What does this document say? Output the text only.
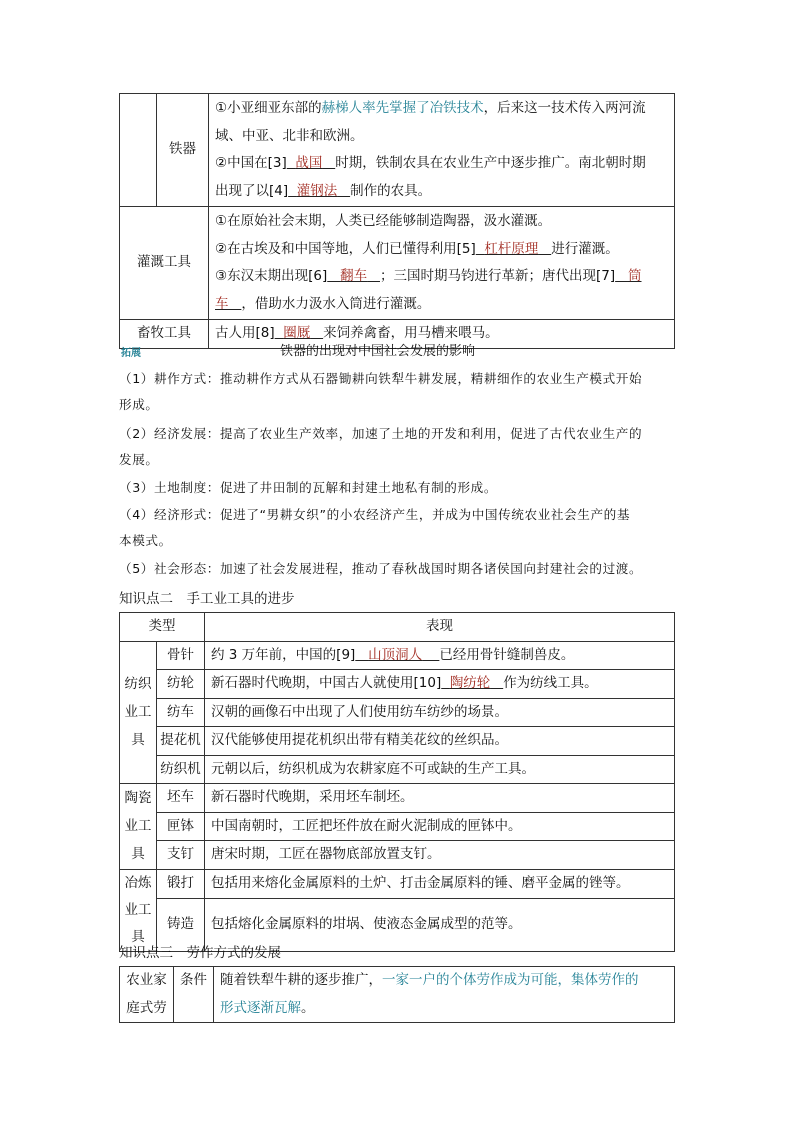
	铁器	①小亚细亚东部的赫梯人率先掌握了冶铁技术，后来这一技术传入两河流
域、中亚、北非和欧洲。
②中国在[3] 战国 时期，铁制农具在农业生产中逐步推广。南北朝时期
出现了以[4] 灌钢法 制作的农具。

灌溉工具		①在原始社会末期，人类已经能够制造陶器，汲水灌溉。
②在古埃及和中国等地，人们已懂得利用[5] 杠杆原理 进行灌溉。
③东汉末期出现[6] 翻车 ；三国时期马钧进行革新；唐代出现[7] 筒
车 ，借助水力汲水入筒进行灌溉。

畜牧工具		古人用[8] 圈厩 来饲养禽畜，用马槽来喂马。
拓展	铁器的出现对中国社会发展的影响
（1）耕作方式：推动耕作方式从石器锄耕向铁犁牛耕发展，精耕细作的农业生产模式开始
形成。
（2）经济发展：提高了农业生产效率，加速了土地的开发和利用，促进了古代农业生产的
发展。
（3）土地制度：促进了井田制的瓦解和封建土地私有制的形成。
（4）经济形式：促进了“男耕女织”的小农经济产生，并成为中国传统农业社会生产的基
本模式。
（5）社会形态：加速了社会发展进程，推动了春秋战国时期各诸侯国向封建社会的过渡。
知识点二　手工业工具的进步
类型		表现

纺织
业工
具	骨针	约 3 万年前，中国的[9] 山顶洞人 已经用骨针缝制兽皮。
	纺轮	新石器时代晚期，中国古人就使用[10] 陶纺轮 作为纺线工具。
	纺车	汉朝的画像石中出现了人们使用纺车纺纱的场景。
	提花机	汉代能够使用提花机织出带有精美花纹的丝织品。
	纺织机	元朝以后，纺织机成为农耕家庭不可或缺的生产工具。

陶瓷
业工
具	坯车	新石器时代晚期，采用坯车制坯。
	匣钵	中国南朝时，工匠把坯件放在耐火泥制成的匣钵中。
	支钉	唐宋时期，工匠在器物底部放置支钉。

冶炼
业工
具	锻打	包括用来熔化金属原料的土炉、打击金属原料的锤、磨平金属的锉等。
	铸造	包括熔化金属原料的坩埚、使液态金属成型的范等。
知识点三　劳作方式的发展
农业家
庭式劳
	条件	随着铁犁牛耕的逐步推广，一家一户的个体劳作成为可能，集体劳作的
形式逐渐瓦解。
